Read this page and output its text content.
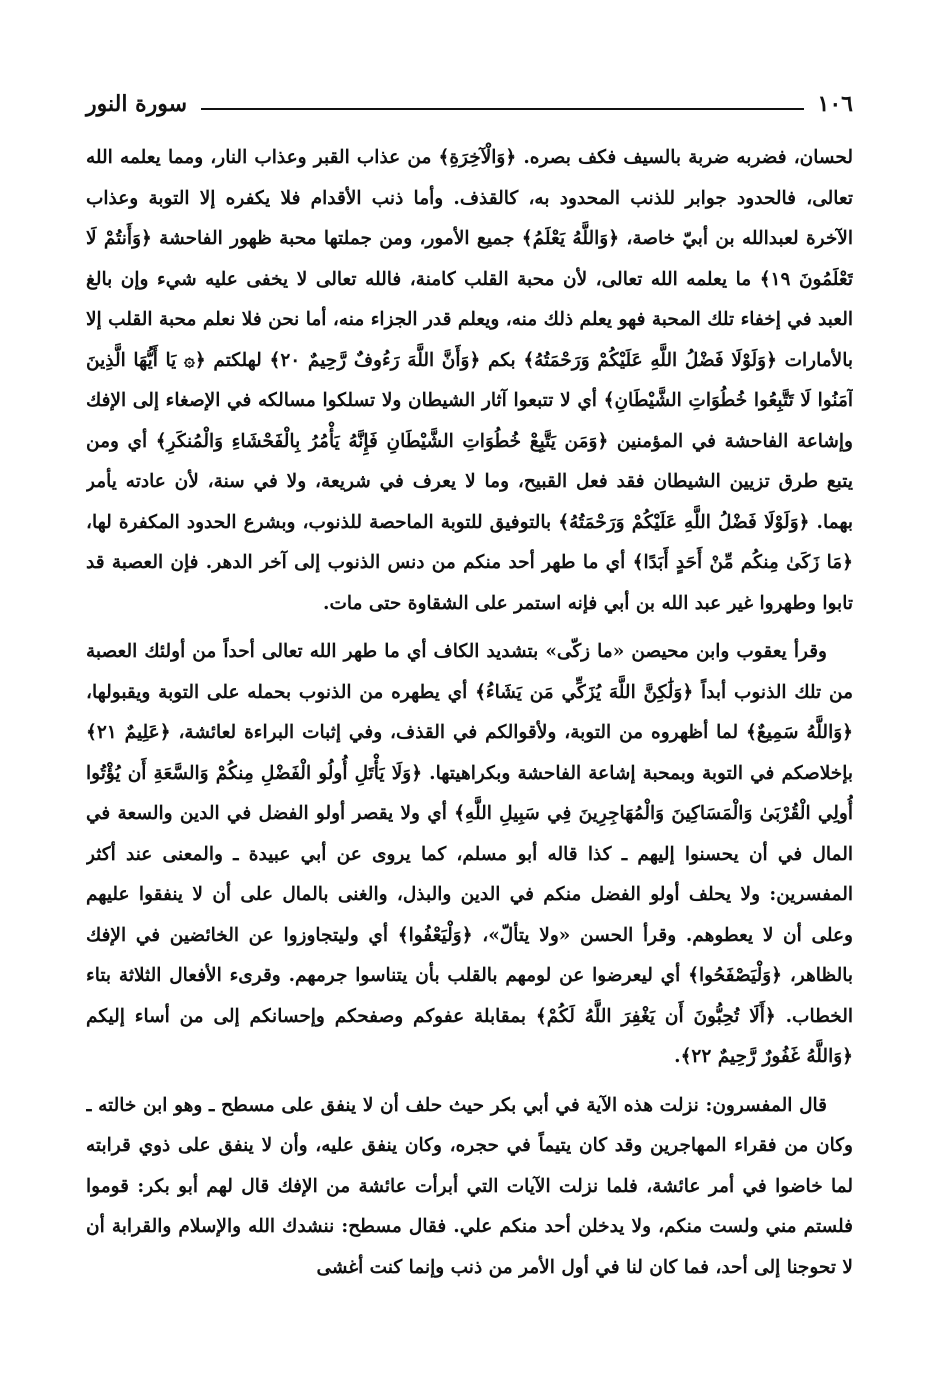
١٠٦
سورة النور

لحسان، فضربه ضربة بالسيف فكف بصره. ﴿وَالْآخِرَةِ﴾ من عذاب القبر وعذاب النار، ومما يعلمه الله تعالى، فالحدود جوابر للذنب المحدود به، كالقذف. وأما ذنب الأقدام فلا يكفره إلا التوبة وعذاب الآخرة لعبدالله بن أبيّ خاصة، ﴿وَاللَّهُ يَعْلَمُ﴾ جميع الأمور، ومن جملتها محبة ظهور الفاحشة ﴿وَأَنتُمْ لَا تَعْلَمُونَ ١٩﴾ ما يعلمه الله تعالى، لأن محبة القلب كامنة، فالله تعالى لا يخفى عليه شيء وإن بالغ العبد في إخفاء تلك المحبة فهو يعلم ذلك منه، ويعلم قدر الجزاء منه، أما نحن فلا نعلم محبة القلب إلا بالأمارات ﴿وَلَوْلَا فَضْلُ اللَّهِ عَلَيْكُمْ وَرَحْمَتُهُ﴾ بكم ﴿وَأَنَّ اللَّهَ رَءُوفٌ رَّحِيمٌ ٢٠﴾ لهلكتم ﴿۞ يَا أَيُّهَا الَّذِينَ آمَنُوا لَا تَتَّبِعُوا خُطُوَاتِ الشَّيْطَانِ﴾ أي لا تتبعوا آثار الشيطان ولا تسلكوا مسالكه في الإصغاء إلى الإفك وإشاعة الفاحشة في المؤمنين ﴿وَمَن يَتَّبِعْ خُطُوَاتِ الشَّيْطَانِ فَإِنَّهُ يَأْمُرُ بِالْفَحْشَاءِ وَالْمُنكَرِ﴾ أي ومن يتبع طرق تزيين الشيطان فقد فعل القبيح، وما لا يعرف في شريعة، ولا في سنة، لأن عادته يأمر بهما. ﴿وَلَوْلَا فَضْلُ اللَّهِ عَلَيْكُمْ وَرَحْمَتُهُ﴾ بالتوفيق للتوبة الماحصة للذنوب، وبشرع الحدود المكفرة لها، ﴿مَا زَكَىٰ مِنكُم مِّنْ أَحَدٍ أَبَدًا﴾ أي ما طهر أحد منكم من دنس الذنوب إلى آخر الدهر. فإن العصبة قد تابوا وطهروا غير عبد الله بن أبي فإنه استمر على الشقاوة حتى مات.

وقرأ يعقوب وابن محيصن «ما زكّى» بتشديد الكاف أي ما طهر الله تعالى أحداً من أولئك العصبة من تلك الذنوب أبداً ﴿وَلَٰكِنَّ اللَّهَ يُزَكِّي مَن يَشَاءُ﴾ أي يطهره من الذنوب بحمله على التوبة ويقبولها، ﴿وَاللَّهُ سَمِيعٌ﴾ لما أظهروه من التوبة، ولأقوالكم في القذف، وفي إثبات البراءة لعائشة، ﴿عَلِيمٌ ٢١﴾ بإخلاصكم في التوبة وبمحبة إشاعة الفاحشة وبكراهيتها. ﴿وَلَا يَأْتَلِ أُولُو الْفَضْلِ مِنكُمْ وَالسَّعَةِ أَن يُؤْتُوا أُولِي الْقُرْبَىٰ وَالْمَسَاكِينَ وَالْمُهَاجِرِينَ فِي سَبِيلِ اللَّهِ﴾ أي ولا يقصر أولو الفضل في الدين والسعة في المال في أن يحسنوا إليهم ـ كذا قاله أبو مسلم، كما يروى عن أبي عبيدة ـ والمعنى عند أكثر المفسرين: ولا يحلف أولو الفضل منكم في الدين والبذل، والغنى بالمال على أن لا ينفقوا عليهم وعلى أن لا يعطوهم. وقرأ الحسن «ولا يتألّ»، ﴿وَلْيَعْفُوا﴾ أي وليتجاوزوا عن الخائضين في الإفك بالظاهر، ﴿وَلْيَصْفَحُوا﴾ أي ليعرضوا عن لومهم بالقلب بأن يتناسوا جرمهم. وقرىء الأفعال الثلاثة بتاء الخطاب. ﴿أَلَا تُحِبُّونَ أَن يَغْفِرَ اللَّهُ لَكُمْ﴾ بمقابلة عفوكم وصفحكم وإحسانكم إلى من أساء إليكم ﴿وَاللَّهُ غَفُورٌ رَّحِيمٌ ٢٢﴾.

قال المفسرون: نزلت هذه الآية في أبي بكر حيث حلف أن لا ينفق على مسطح ـ وهو ابن خالته ـ وكان من فقراء المهاجرين وقد كان يتيماً في حجره، وكان ينفق عليه، وأن لا ينفق على ذوي قرابته لما خاضوا في أمر عائشة، فلما نزلت الآيات التي أبرأت عائشة من الإفك قال لهم أبو بكر: قوموا فلستم مني ولست منكم، ولا يدخلن أحد منكم علي. فقال مسطح: ننشدك الله والإسلام والقرابة أن لا تحوجنا إلى أحد، فما كان لنا في أول الأمر من ذنب وإنما كنت أغشى
